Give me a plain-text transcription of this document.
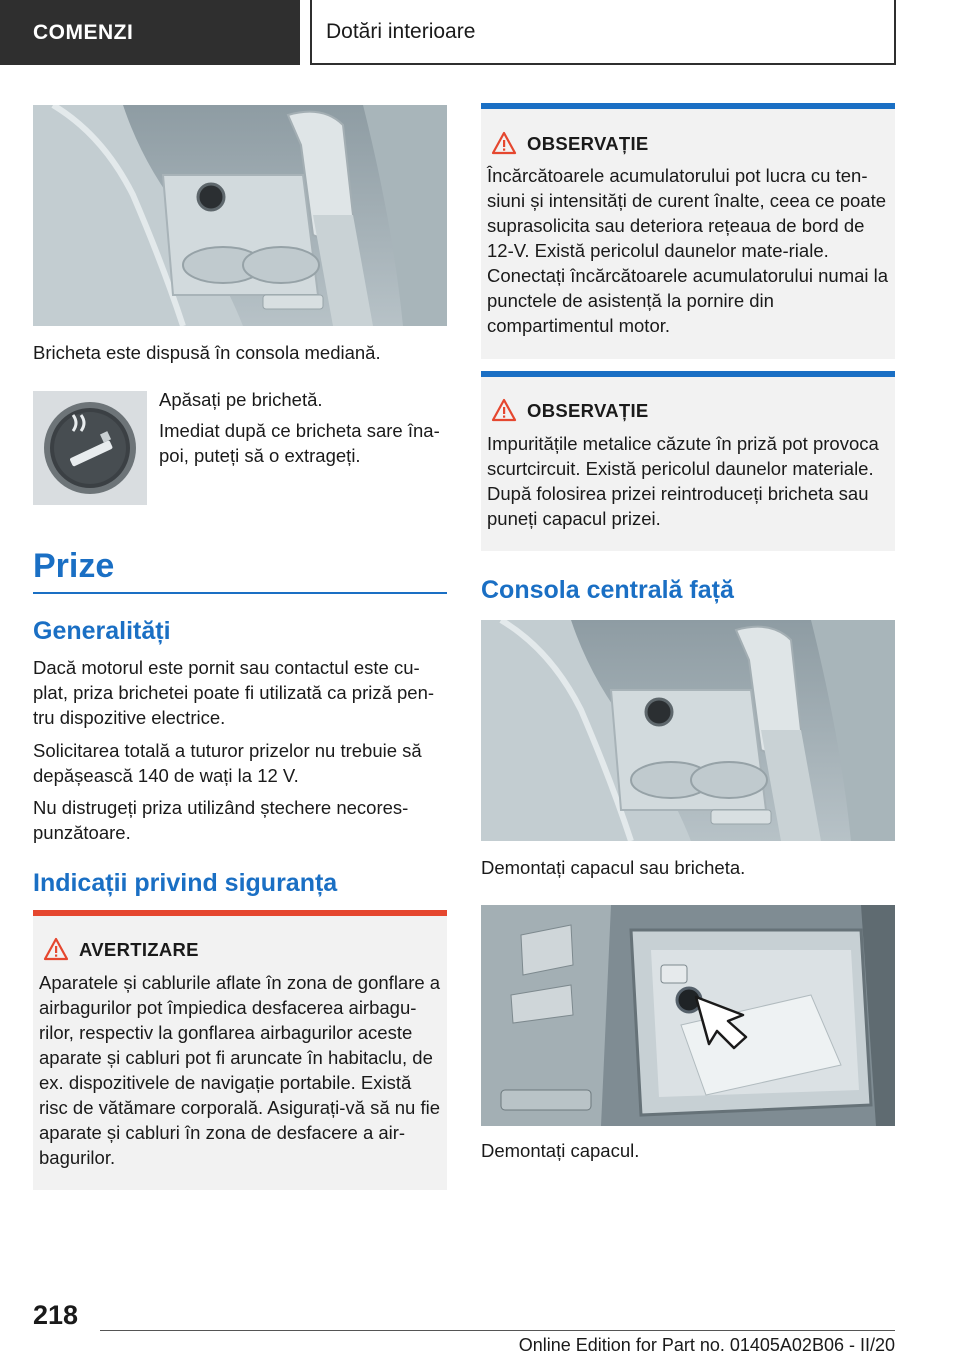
COMENZI	Dotări interioare
Bricheta este dispusă în consola mediană.
Apăsați pe brichetă.
Imediat după ce bricheta sare îna‐poi, puteți să o extrageți.
Prize
Generalități
Dacă motorul este pornit sau contactul este cu‐plat, priza brichetei poate fi utilizată ca priză pen‐tru dispozitive electrice.
Solicitarea totală a tuturor prizelor nu trebuie să depășească 140 de wați la 12 V.
Nu distrugeți priza utilizând ștechere necores‐punzătoare.
Indicații privind siguranța
AVERTIZARE
Aparatele și cablurile aflate în zona de gonflare a airbagurilor pot împiedica desfacerea airbagu‐rilor, respectiv la gonflarea airbagurilor aceste aparate și cabluri pot fi aruncate în habitaclu, de ex. dispozitivele de navigație portabile. Există risc de vătămare corporală. Asigurați-vă să nu fie aparate și cabluri în zona de desfacere a air‐bagurilor.
OBSERVAȚIE
Încărcătoarele acumulatorului pot lucra cu ten‐siuni și intensități de curent înalte, ceea ce poate suprasolicita sau deteriora rețeaua de bord de 12-V. Există pericolul daunelor mate‐riale. Conectați încărcătoarele acumulatorului numai la punctele de asistență la pornire din compartimentul motor.
OBSERVAȚIE
Impuritățile metalice căzute în priză pot provoca scurtcircuit. Există pericolul daunelor materiale. După folosirea prizei reintroduceți bricheta sau puneți capacul prizei.
Consola centrală față
Demontați capacul sau bricheta.
Demontați capacul.
218
Online Edition for Part no. 01405A02B06 - II/20
